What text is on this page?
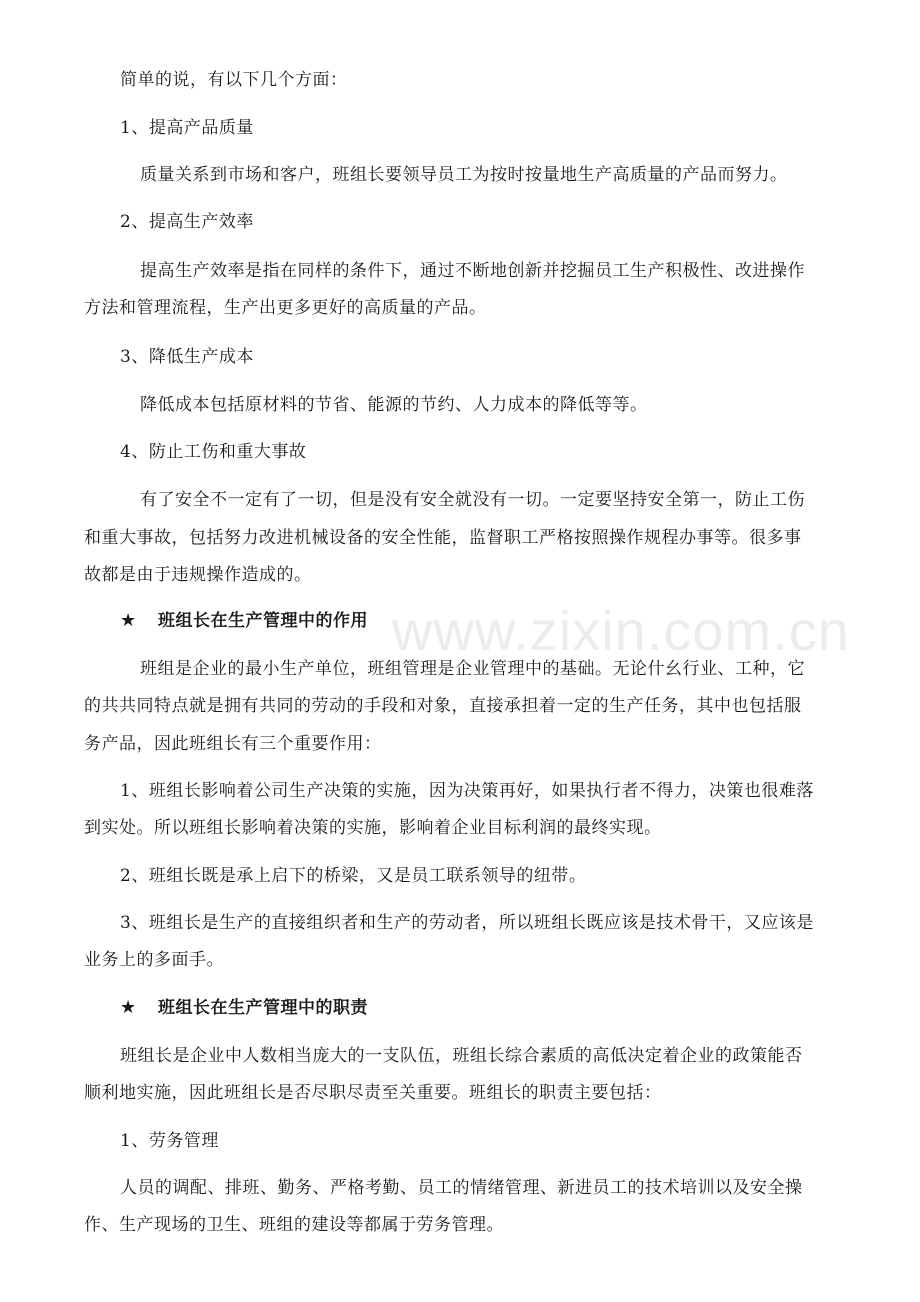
www.zixin.com.cn
简单的说，有以下几个方面：
1、提高产品质量
质量关系到市场和客户，班组长要领导员工为按时按量地生产高质量的产品而努力。
2、提高生产效率
提高生产效率是指在同样的条件下，通过不断地创新并挖掘员工生产积极性、改进操作
方法和管理流程，生产出更多更好的高质量的产品。
3、降低生产成本
降低成本包括原材料的节省、能源的节约、人力成本的降低等等。
4、防止工伤和重大事故
有了安全不一定有了一切，但是没有安全就没有一切。一定要坚持安全第一，防止工伤
和重大事故，包括努力改进机械设备的安全性能，监督职工严格按照操作规程办事等。很多事
故都是由于违规操作造成的。
★ 班组长在生产管理中的作用
班组是企业的最小生产单位，班组管理是企业管理中的基础。无论什幺行业、工种，它
的共共同特点就是拥有共同的劳动的手段和对象，直接承担着一定的生产任务，其中也包括服
务产品，因此班组长有三个重要作用：
1、班组长影响着公司生产决策的实施，因为决策再好，如果执行者不得力，决策也很难落
到实处。所以班组长影响着决策的实施，影响着企业目标利润的最终实现。
2、班组长既是承上启下的桥梁，又是员工联系领导的纽带。
3、班组长是生产的直接组织者和生产的劳动者，所以班组长既应该是技术骨干，又应该是
业务上的多面手。
★ 班组长在生产管理中的职责
班组长是企业中人数相当庞大的一支队伍，班组长综合素质的高低决定着企业的政策能否
顺利地实施，因此班组长是否尽职尽责至关重要。班组长的职责主要包括：
1、劳务管理
人员的调配、排班、勤务、严格考勤、员工的情绪管理、新进员工的技术培训以及安全操
作、生产现场的卫生、班组的建设等都属于劳务管理。
